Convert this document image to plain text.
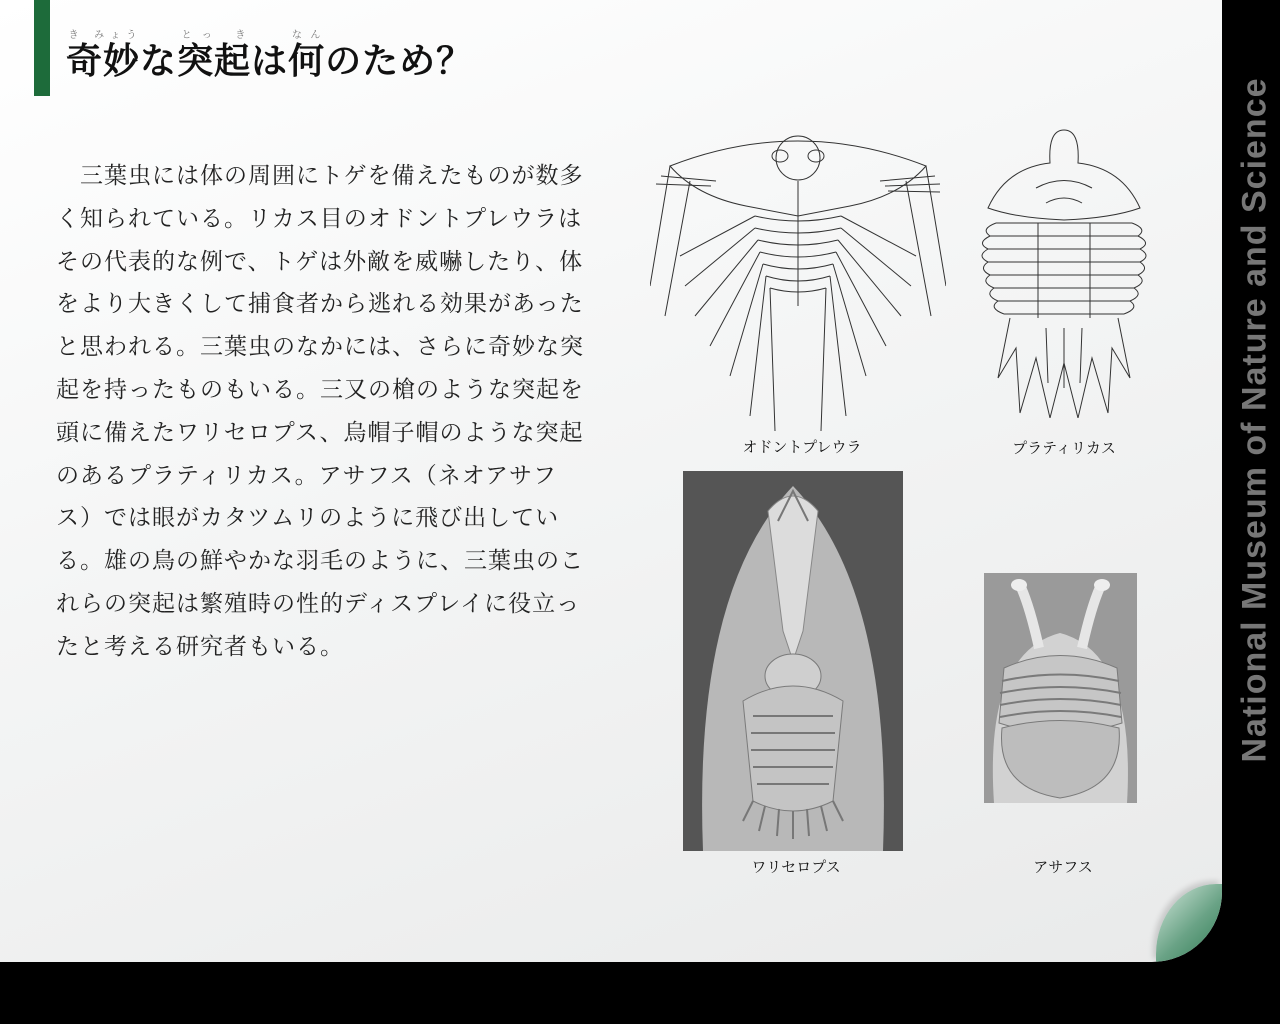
奇妙き みょうな突起とっ きは何なんのため？
　三葉虫には体の周囲にトゲを備えたものが数多
く知られている。リカス目のオドントプレウラは
その代表的な例で、トゲは外敵を威嚇したり、体
をより大きくして捕食者から逃れる効果があった
と思われる。三葉虫のなかには、さらに奇妙な突
起を持ったものもいる。三又の槍のような突起を
頭に備えたワリセロプス、烏帽子帽のような突起
のあるプラティリカス。アサフス（ネオアサフ
ス）では眼がカタツムリのように飛び出してい
る。雄の鳥の鮮やかな羽毛のように、三葉虫のこ
れらの突起は繁殖時の性的ディスプレイに役立っ
たと考える研究者もいる。
オドントプレウラ	プラティリカス
ワリセロプス	アサフス
National Museum of Nature and Science
